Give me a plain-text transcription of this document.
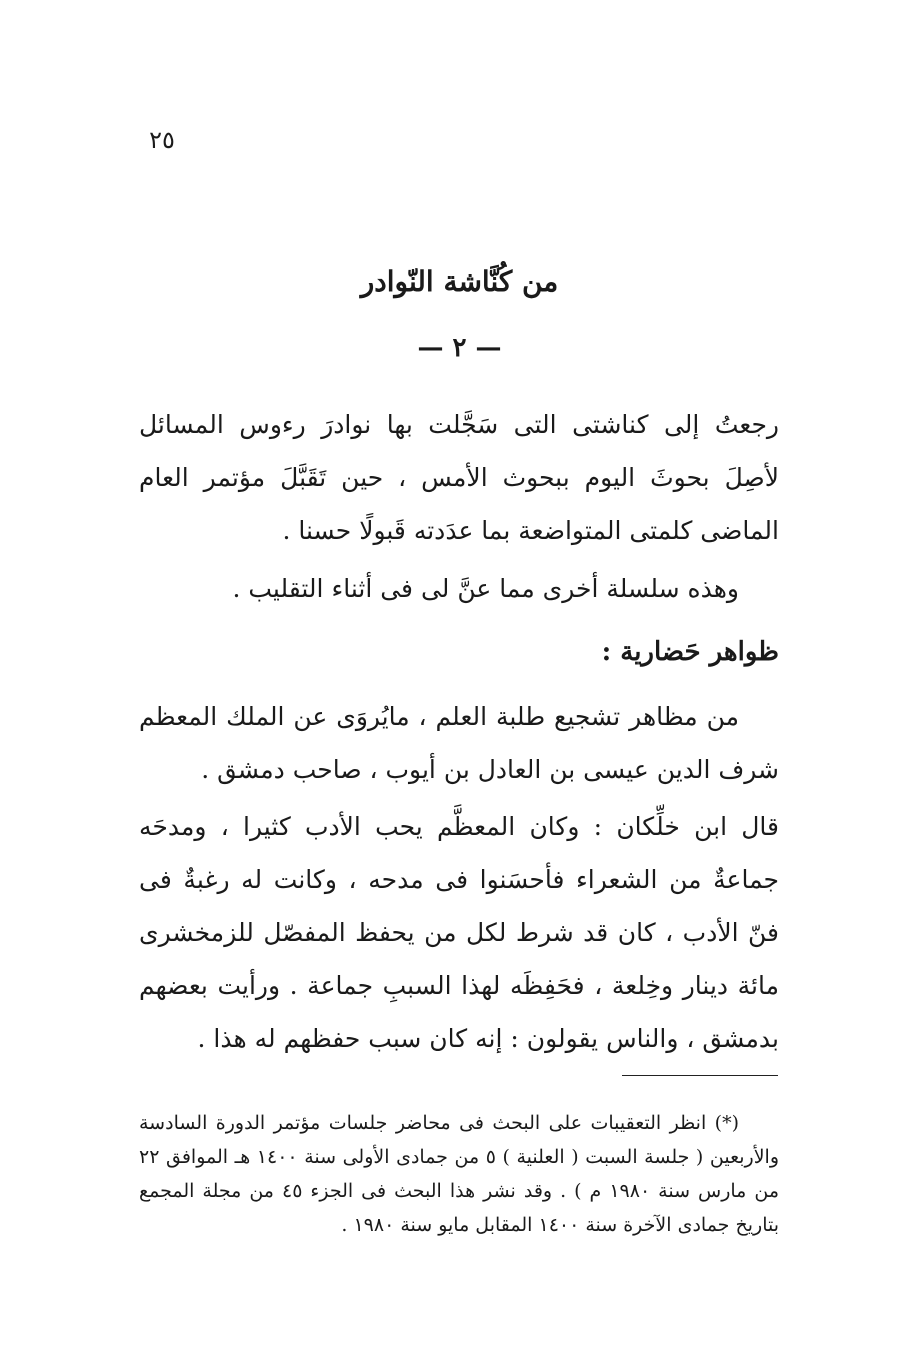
٢٥
من كُنَّاشة النّوادر
— ٢ —

رجعتُ إلى كناشتى التى سَجَّلت بها نوادرَ رءوس المسائل لأصِلَ بحوثَ اليوم ببحوث الأمس ، حين تَقَبَّلَ مؤتمر العام الماضى كلمتى المتواضعة بما عدَدته قَبولًا حسنا .

وهذه سلسلة أخرى مما عنَّ لى فى أثناء التقليب .

ظواهر حَضارية :

من مظاهر تشجيع طلبة العلم ، مايُروَى عن الملك المعظم شرف الدين عيسى بن العادل بن أيوب ، صاحب دمشق .

قال ابن خلِّكان : وكان المعظَّم يحب الأدب كثيرا ، ومدحَه جماعةٌ من الشعراء فأحسَنوا فى مدحه ، وكانت له رغبةٌ فى فنّ الأدب ، كان قد شرط لكل من يحفظ المفصّل للزمخشرى مائة دينار وخِلعة ، فحَفِظَه لهذا السببِ جماعة . ورأيت بعضهم بدمشق ، والناس يقولون : إنه كان سبب حفظهم له هذا .

(*) انظر التعقيبات على البحث فى محاضر جلسات مؤتمر الدورة السادسة والأربعين ( جلسة السبت ( العلنية ) ٥ من جمادى الأولى سنة ١٤٠٠ هـ الموافق ٢٢ من مارس سنة ١٩٨٠ م ) . وقد نشر هذا البحث فى الجزء ٤٥ من مجلة المجمع بتاريخ جمادى الآخرة سنة ١٤٠٠ المقابل مايو سنة ١٩٨٠ .
